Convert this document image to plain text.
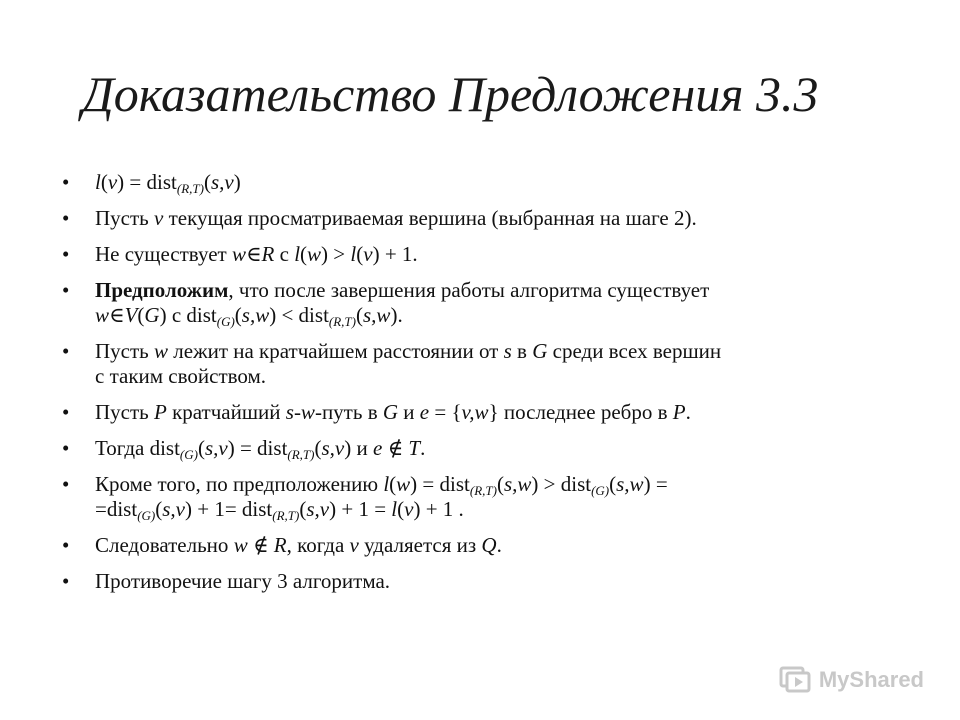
Доказательство Предложения 3.3
• l(v) = dist$_{(R,T)}$(s,v)
• Пусть v текущая просматриваемая вершина (выбранная на шаге 2).
• Не существует w∈R с l(w) > l(v) + 1.
• Предположим, что после завершения работы алгоритма существует
w∈V(G) с dist$_{(G)}$(s,w) < dist$_{(R,T)}$(s,w).
• Пусть w лежит на кратчайшем расстоянии от s в G среди всех вершин
с таким свойством.
• Пусть P кратчайший s-w-путь в G и e = {v,w} последнее ребро в P.
• Тогда dist$_{(G)}$(s,v) = dist$_{(R,T)}$(s,v) и e ∉ T.
• Кроме того, по предположению l(w) = dist$_{(R,T)}$(s,w) > dist$_{(G)}$(s,w) =
=dist$_{(G)}$(s,v) + 1= dist$_{(R,T)}$(s,v) + 1 = l(v) + 1 .
• Следовательно w ∉ R, когда v удаляется из Q.
• Противоречие шагу 3 алгоритма.
MyShared
